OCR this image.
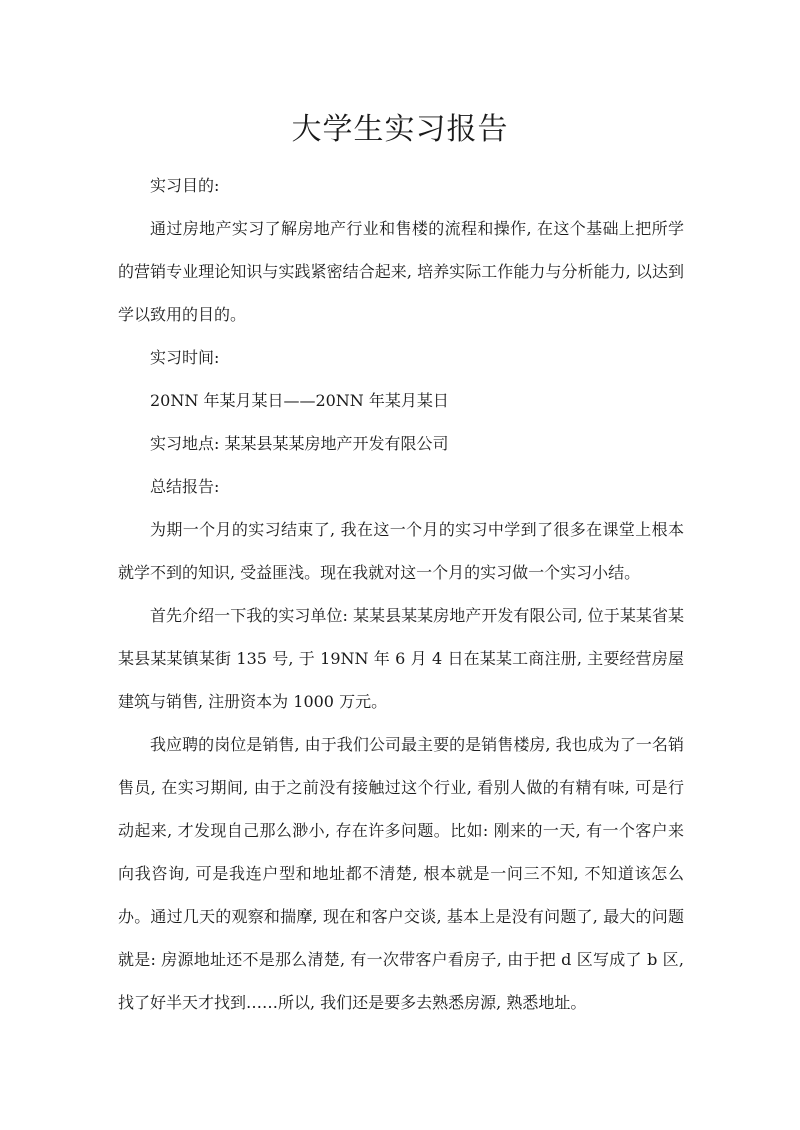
大学生实习报告

实习目的:

通过房地产实习了解房地产行业和售楼的流程和操作, 在这个基础上把所学的营销专业理论知识与实践紧密结合起来, 培养实际工作能力与分析能力, 以达到学以致用的目的。

实习时间:

20NN 年某月某日——20NN 年某月某日

实习地点: 某某县某某房地产开发有限公司

总结报告:

为期一个月的实习结束了, 我在这一个月的实习中学到了很多在课堂上根本就学不到的知识, 受益匪浅。现在我就对这一个月的实习做一个实习小结。

首先介绍一下我的实习单位: 某某县某某房地产开发有限公司, 位于某某省某某县某某镇某街 135 号, 于 19NN 年 6 月 4 日在某某工商注册, 主要经营房屋建筑与销售, 注册资本为 1000 万元。

我应聘的岗位是销售, 由于我们公司最主要的是销售楼房, 我也成为了一名销售员, 在实习期间, 由于之前没有接触过这个行业, 看别人做的有精有味, 可是行动起来, 才发现自己那么渺小, 存在许多问题。比如: 刚来的一天, 有一个客户来向我咨询, 可是我连户型和地址都不清楚, 根本就是一问三不知, 不知道该怎么办。通过几天的观察和揣摩, 现在和客户交谈, 基本上是没有问题了, 最大的问题就是: 房源地址还不是那么清楚, 有一次带客户看房子, 由于把 d 区写成了 b 区, 找了好半天才找到……所以, 我们还是要多去熟悉房源, 熟悉地址。
